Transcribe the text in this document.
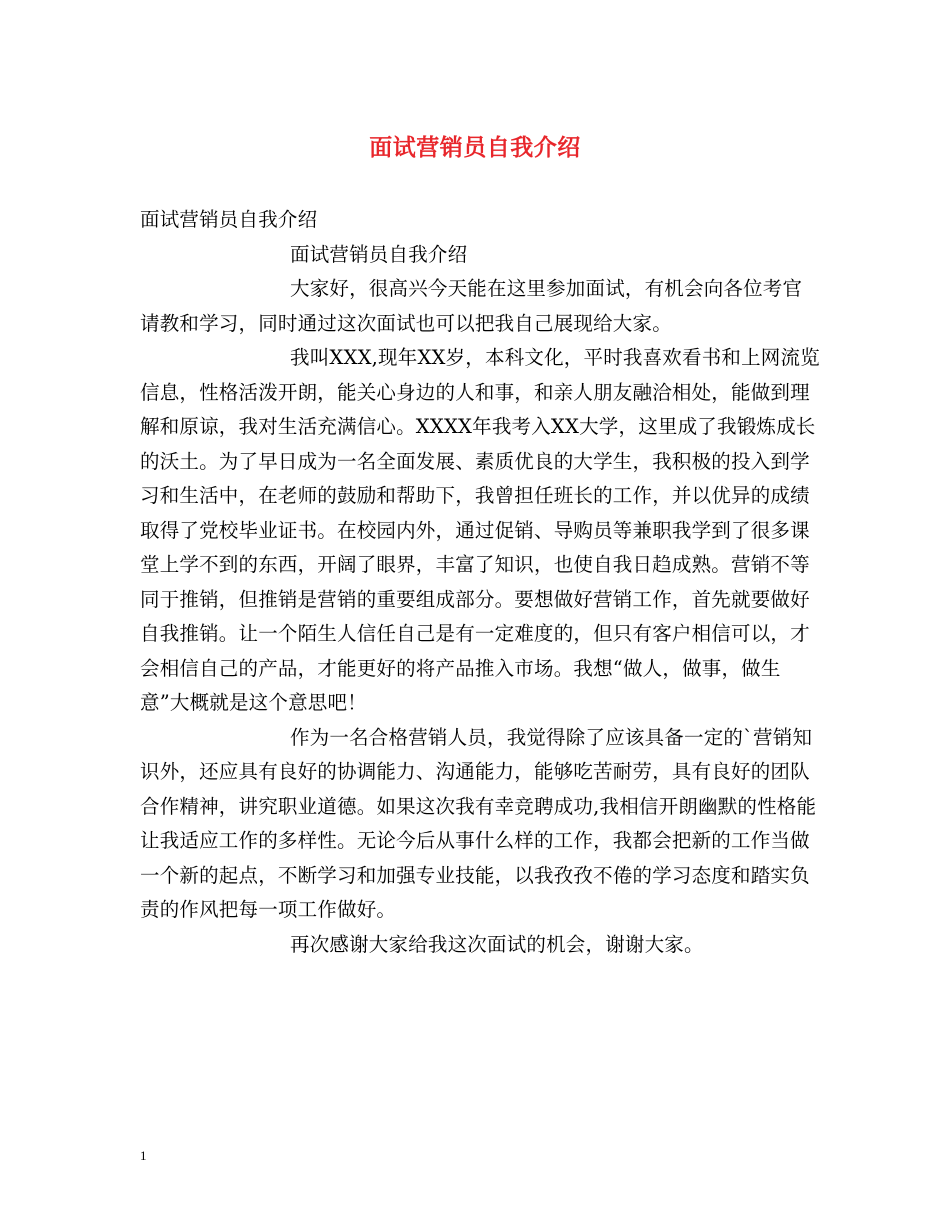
面试营销员自我介绍

面试营销员自我介绍

面试营销员自我介绍

大家好，很高兴今天能在这里参加面试，有机会向各位考官请教和学习，同时通过这次面试也可以把我自己展现给大家。

我叫XXX,现年XX岁，本科文化，平时我喜欢看书和上网流览信息，性格活泼开朗，能关心身边的人和事，和亲人朋友融洽相处，能做到理解和原谅，我对生活充满信心。XXXX年我考入XX大学，这里成了我锻炼成长的沃土。为了早日成为一名全面发展、素质优良的大学生，我积极的投入到学习和生活中，在老师的鼓励和帮助下，我曾担任班长的工作，并以优异的成绩取得了党校毕业证书。在校园内外，通过促销、导购员等兼职我学到了很多课堂上学不到的东西，开阔了眼界，丰富了知识，也使自我日趋成熟。营销不等同于推销，但推销是营销的重要组成部分。要想做好营销工作，首先就要做好自我推销。让一个陌生人信任自己是有一定难度的，但只有客户相信可以，才会相信自己的产品，才能更好的将产品推入市场。我想“做人，做事，做生意”大概就是这个意思吧！

作为一名合格营销人员，我觉得除了应该具备一定的`营销知识外，还应具有良好的协调能力、沟通能力，能够吃苦耐劳，具有良好的团队合作精神，讲究职业道德。如果这次我有幸竞聘成功,我相信开朗幽默的性格能让我适应工作的多样性。无论今后从事什么样的工作，我都会把新的工作当做一个新的起点，不断学习和加强专业技能，以我孜孜不倦的学习态度和踏实负责的作风把每一项工作做好。

再次感谢大家给我这次面试的机会，谢谢大家。

1
